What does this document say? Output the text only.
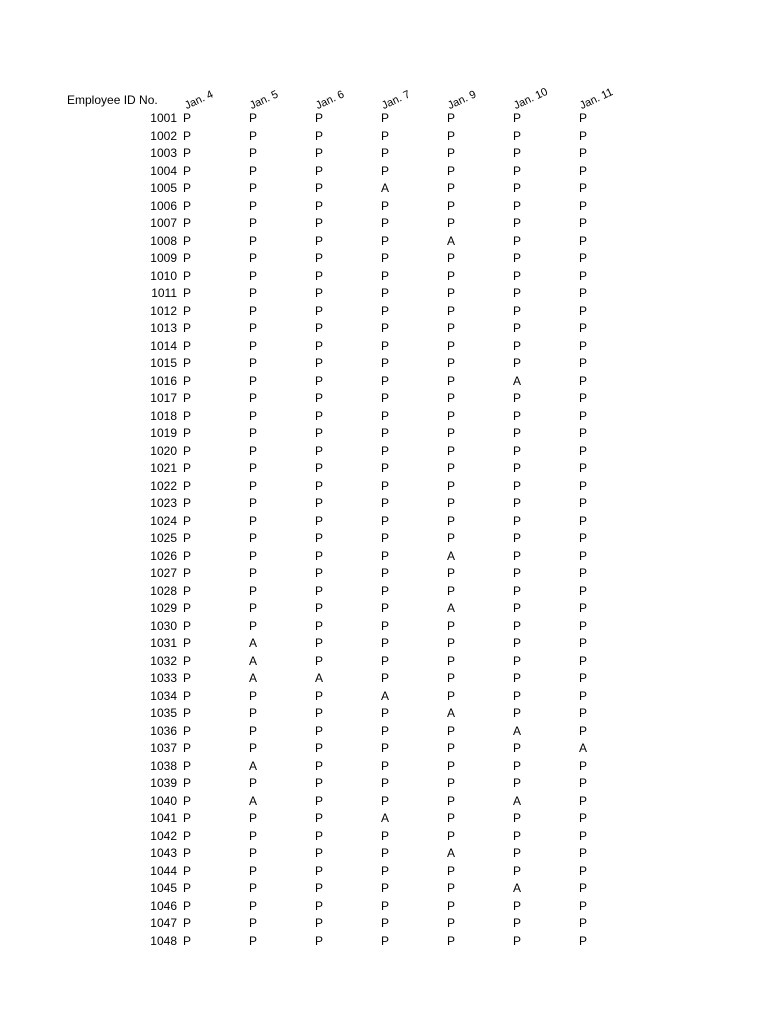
Employee ID No. Jan. 4	Jan. 5	Jan. 6	Jan. 7	Jan. 9	Jan. 10	Jan. 11
1001 P	P	P	P	P	P	P
1002 P	P	P	P	P	P	P
1003 P	P	P	P	P	P	P
1004 P	P	P	P	P	P	P
1005 P	P	P	A	P	P	P
1006 P	P	P	P	P	P	P
1007 P	P	P	P	P	P	P
1008 P	P	P	P	A	P	P
1009 P	P	P	P	P	P	P
1010 P	P	P	P	P	P	P
1011 P	P	P	P	P	P	P
1012 P	P	P	P	P	P	P
1013 P	P	P	P	P	P	P
1014 P	P	P	P	P	P	P
1015 P	P	P	P	P	P	P
1016 P	P	P	P	P	A	P
1017 P	P	P	P	P	P	P
1018 P	P	P	P	P	P	P
1019 P	P	P	P	P	P	P
1020 P	P	P	P	P	P	P
1021 P	P	P	P	P	P	P
1022 P	P	P	P	P	P	P
1023 P	P	P	P	P	P	P
1024 P	P	P	P	P	P	P
1025 P	P	P	P	P	P	P
1026 P	P	P	P	A	P	P
1027 P	P	P	P	P	P	P
1028 P	P	P	P	P	P	P
1029 P	P	P	P	A	P	P
1030 P	P	P	P	P	P	P
1031 P	A	P	P	P	P	P
1032 P	A	P	P	P	P	P
1033 P	A	A	P	P	P	P
1034 P	P	P	A	P	P	P
1035 P	P	P	P	A	P	P
1036 P	P	P	P	P	A	P
1037 P	P	P	P	P	P	A
1038 P	A	P	P	P	P	P
1039 P	P	P	P	P	P	P
1040 P	A	P	P	P	A	P
1041 P	P	P	A	P	P	P
1042 P	P	P	P	P	P	P
1043 P	P	P	P	A	P	P
1044 P	P	P	P	P	P	P
1045 P	P	P	P	P	A	P
1046 P	P	P	P	P	P	P
1047 P	P	P	P	P	P	P
1048 P	P	P	P	P	P	P
